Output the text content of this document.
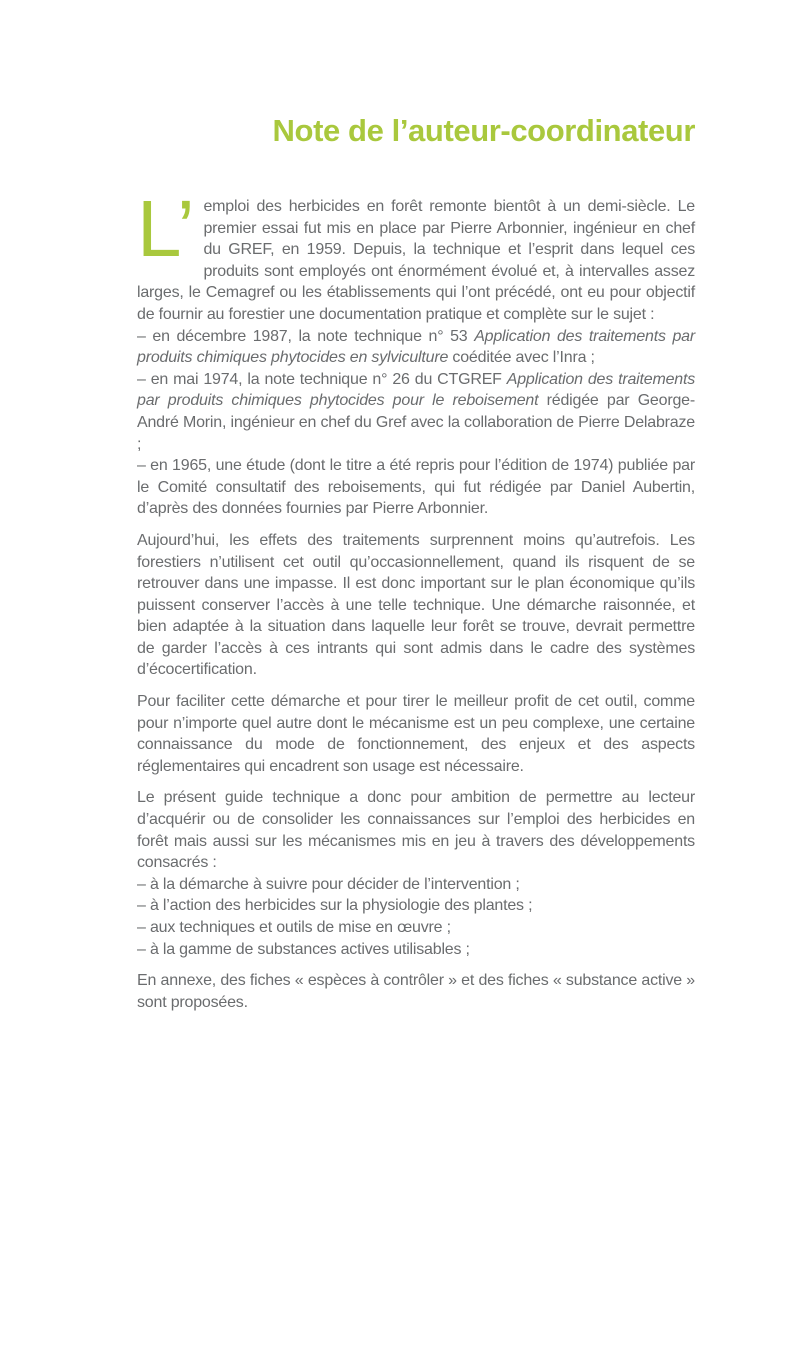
Note de l’auteur-coordinateur

L’ emploi des herbicides en forêt remonte bientôt à un demi-siècle. Le premier essai fut mis en place par Pierre Arbonnier, ingénieur en chef du GREF, en 1959. Depuis, la technique et l’esprit dans lequel ces produits sont employés ont énormément évolué et, à intervalles assez larges, le Cemagref ou les établissements qui l’ont précédé, ont eu pour objectif de fournir au forestier une documentation pratique et complète sur le sujet :

– en décembre 1987, la note technique n° 53 Application des traitements par produits chimiques phytocides en sylviculture coéditée avec l’Inra ;

– en mai 1974, la note technique n° 26 du CTGREF Application des traitements par produits chimiques phytocides pour le reboisement rédigée par George-André Morin, ingénieur en chef du Gref avec la collaboration de Pierre Delabraze ;

– en 1965, une étude (dont le titre a été repris pour l’édition de 1974) publiée par le Comité consultatif des reboisements, qui fut rédigée par Daniel Aubertin, d’après des données fournies par Pierre Arbonnier.

Aujourd’hui, les effets des traitements surprennent moins qu’autrefois. Les forestiers n’utilisent cet outil qu’occasionnellement, quand ils risquent de se retrouver dans une impasse. Il est donc important sur le plan économique qu’ils puissent conserver l’accès à une telle technique. Une démarche raisonnée, et bien adaptée à la situation dans laquelle leur forêt se trouve, devrait permettre de garder l’accès à ces intrants qui sont admis dans le cadre des systèmes d’écocertification.

Pour faciliter cette démarche et pour tirer le meilleur profit de cet outil, comme pour n’importe quel autre dont le mécanisme est un peu complexe, une certaine connaissance du mode de fonctionnement, des enjeux et des aspects réglementaires qui encadrent son usage est nécessaire.

Le présent guide technique a donc pour ambition de permettre au lecteur d’acquérir ou de consolider les connaissances sur l’emploi des herbicides en forêt mais aussi sur les mécanismes mis en jeu à travers des développements consacrés :

– à la démarche à suivre pour décider de l’intervention ;

– à l’action des herbicides sur la physiologie des plantes ;

– aux techniques et outils de mise en œuvre ;

– à la gamme de substances actives utilisables ;

En annexe, des fiches « espèces à contrôler » et des fiches « substance active » sont proposées.
